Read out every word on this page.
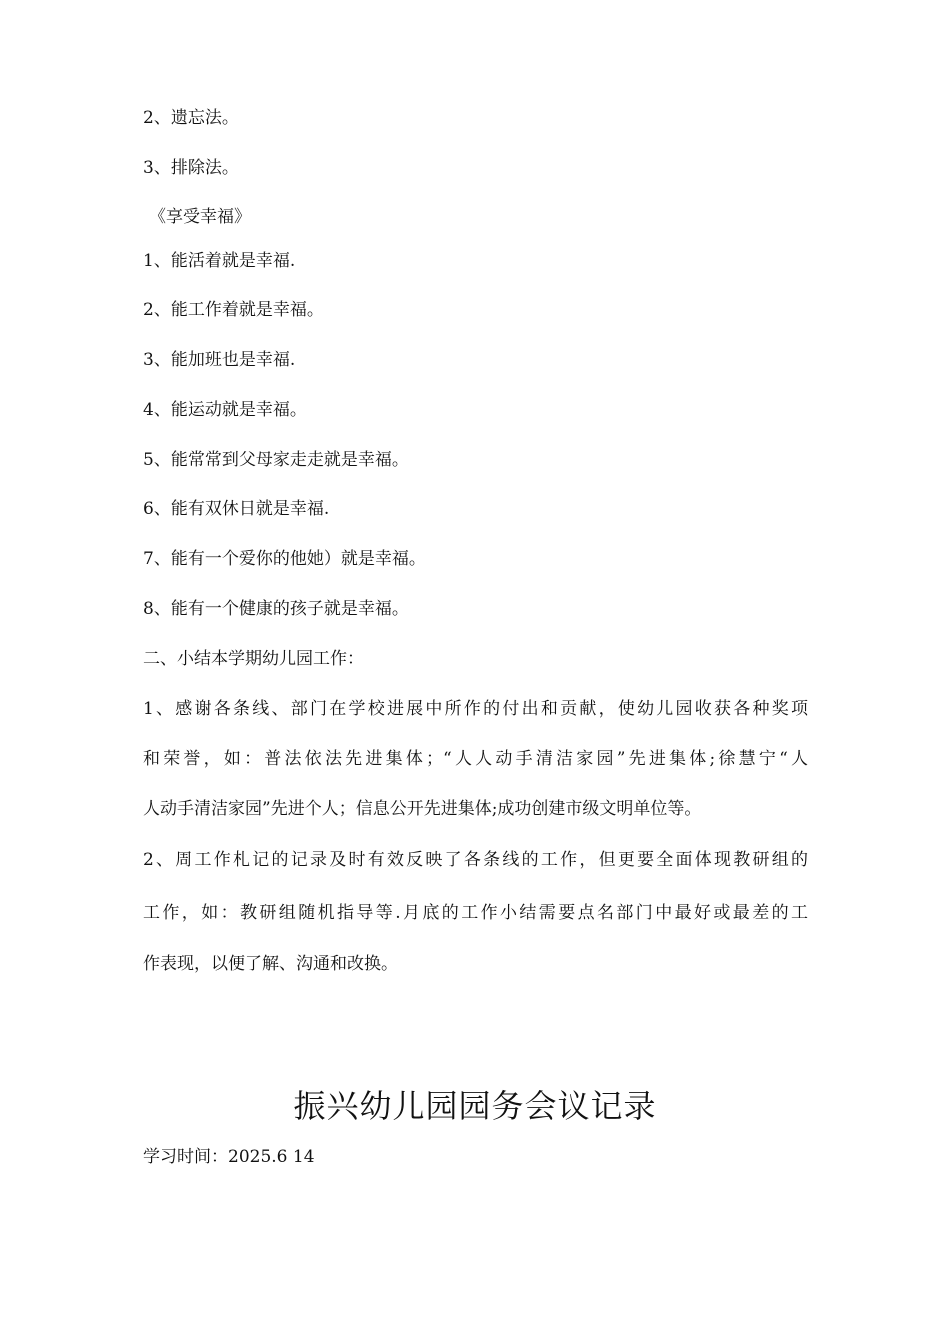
2、遗忘法。
3、排除法。
《享受幸福》
1、能活着就是幸福.
2、能工作着就是幸福。
3、能加班也是幸福.
4、能运动就是幸福。
5、能常常到父母家走走就是幸福。
6、能有双休日就是幸福.
7、能有一个爱你的他她）就是幸福。
8、能有一个健康的孩子就是幸福。
二、小结本学期幼儿园工作：
1、感谢各条线、部门在学校进展中所作的付出和贡献，使幼儿园收获各种奖项
和荣誉，如：普法依法先进集体；“人人动手清洁家园”先进集体;徐慧宁“人
人动手清洁家园”先进个人；信息公开先进集体;成功创建市级文明单位等。
2、周工作札记的记录及时有效反映了各条线的工作，但更要全面体现教研组的
工作，如：教研组随机指导等.月底的工作小结需要点名部门中最好或最差的工
作表现，以便了解、沟通和改换。
振兴幼儿园园务会议记录
学习时间：2025.6 14
